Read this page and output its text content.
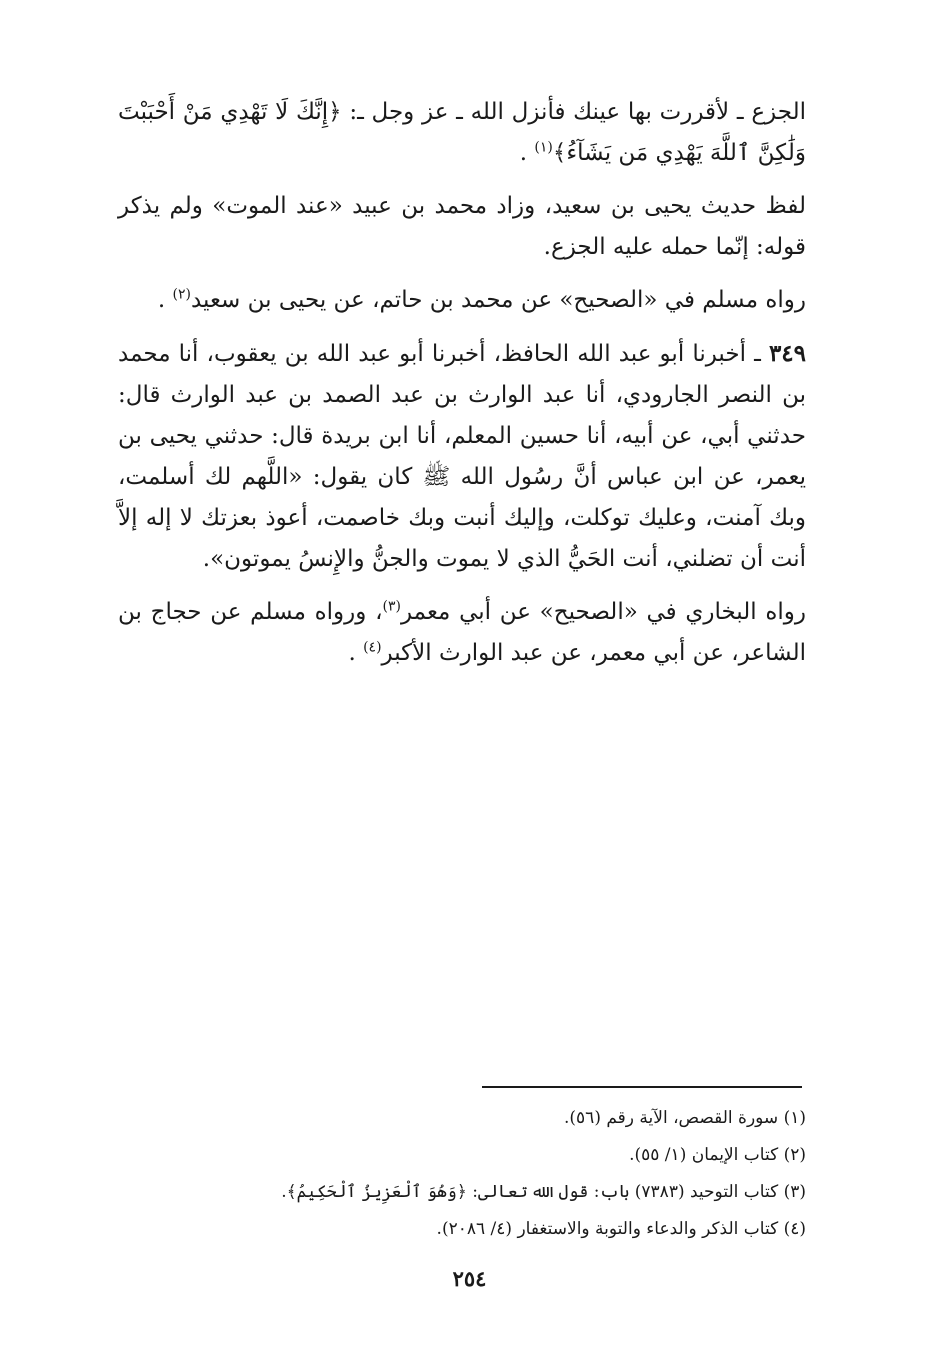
الجزع ـ لأقررت بها عينك فأنزل الله ـ عز وجل ـ: ﴿إِنَّكَ لَا تَهْدِي مَنْ أَحْبَبْتَ وَلَٰكِنَّ ٱللَّهَ يَهْدِي مَن يَشَآءُ﴾$^{(١)}$ .

لفظ حديث يحيى بن سعيد، وزاد محمد بن عبيد «عند الموت» ولم يذكر قوله: إنّما حمله عليه الجزع.

رواه مسلم في «الصحيح» عن محمد بن حاتم، عن يحيى بن سعيد$^{(٢)}$ .

٣٤٩ ـ أخبرنا أبو عبد الله الحافظ، أخبرنا أبو عبد الله بن يعقوب، أنا محمد بن النصر الجارودي، أنا عبد الوارث بن عبد الصمد بن عبد الوارث قال: حدثني أبي، عن أبيه، أنا حسين المعلم، أنا ابن بريدة قال: حدثني يحيى بن يعمر، عن ابن عباس أنَّ رسُول الله ﷺ كان يقول: «اللَّهم لك أسلمت، وبك آمنت، وعليك توكلت، وإليك أنبت وبك خاصمت، أعوذ بعزتك لا إله إلاَّ أنت أن تضلني، أنت الحَيُّ الذي لا يموت والجنُّ والإِنسُ يموتون».

رواه البخاري في «الصحيح» عن أبي معمر$^{(٣)}$، ورواه مسلم عن حجاج بن الشاعر، عن أبي معمر، عن عبد الوارث الأكبر$^{(٤)}$ .

(١) سورة القصص، الآية رقم (٥٦).

(٢) كتاب الإيمان (١/ ٥٥).

(٣) كتاب التوحيد (٧٣٨٣) باب: قول الله تعالى: ﴿وَهُوَ ٱلْعَزِيزُ ٱلْحَكِيمُ﴾.

(٤) كتاب الذكر والدعاء والتوبة والاستغفار (٤/ ٢٠٨٦).

٢٥٤
